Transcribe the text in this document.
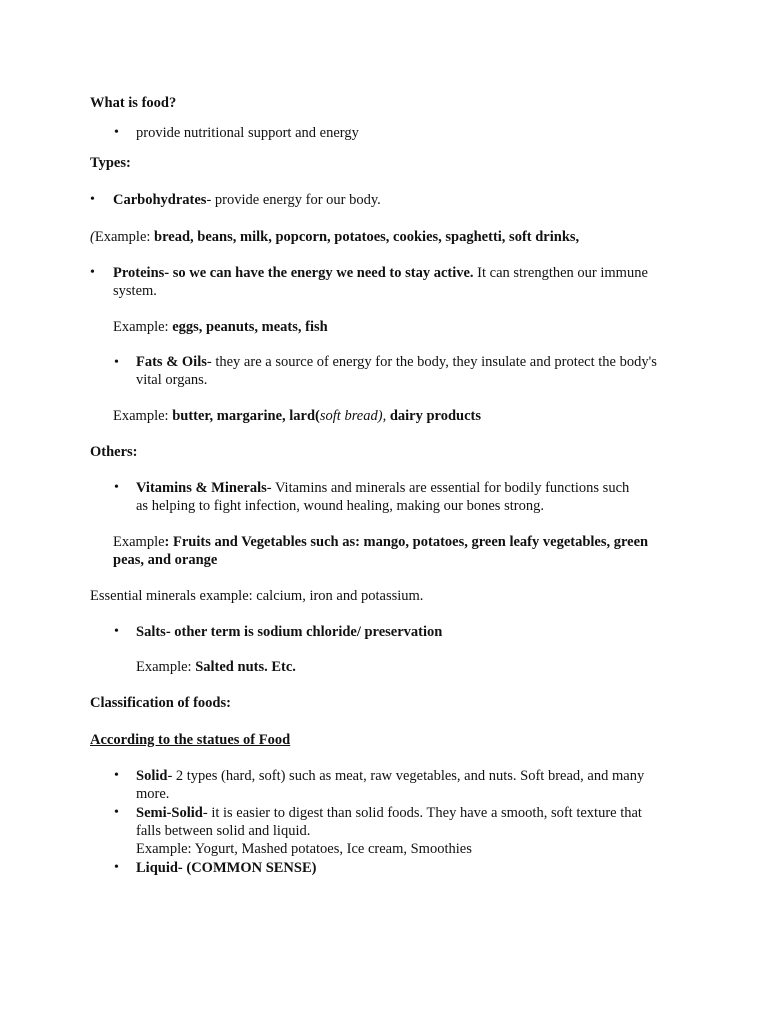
What is food?
• provide nutritional support and energy
Types:
• Carbohydrates- provide energy for our body.
(Example: bread, beans, milk, popcorn, potatoes, cookies, spaghetti, soft drinks,
• Proteins- so we can have the energy we need to stay active. It can strengthen our immune
system.
Example: eggs, peanuts, meats, fish
• Fats & Oils- they are a source of energy for the body, they insulate and protect the body's
vital organs.
Example: butter, margarine, lard(soft bread), dairy products
Others:
• Vitamins & Minerals- Vitamins and minerals are essential for bodily functions such
as helping to fight infection, wound healing, making our bones strong.
Example: Fruits and Vegetables such as: mango, potatoes, green leafy vegetables, green
peas, and orange
Essential minerals example: calcium, iron and potassium.
• Salts- other term is sodium chloride/ preservation
Example: Salted nuts. Etc.
Classification of foods:
According to the statues of Food
• Solid- 2 types (hard, soft) such as meat, raw vegetables, and nuts. Soft bread, and many
more.
• Semi-Solid- it is easier to digest than solid foods. They have a smooth, soft texture that
falls between solid and liquid.
Example: Yogurt, Mashed potatoes, Ice cream, Smoothies
• Liquid- (COMMON SENSE)
